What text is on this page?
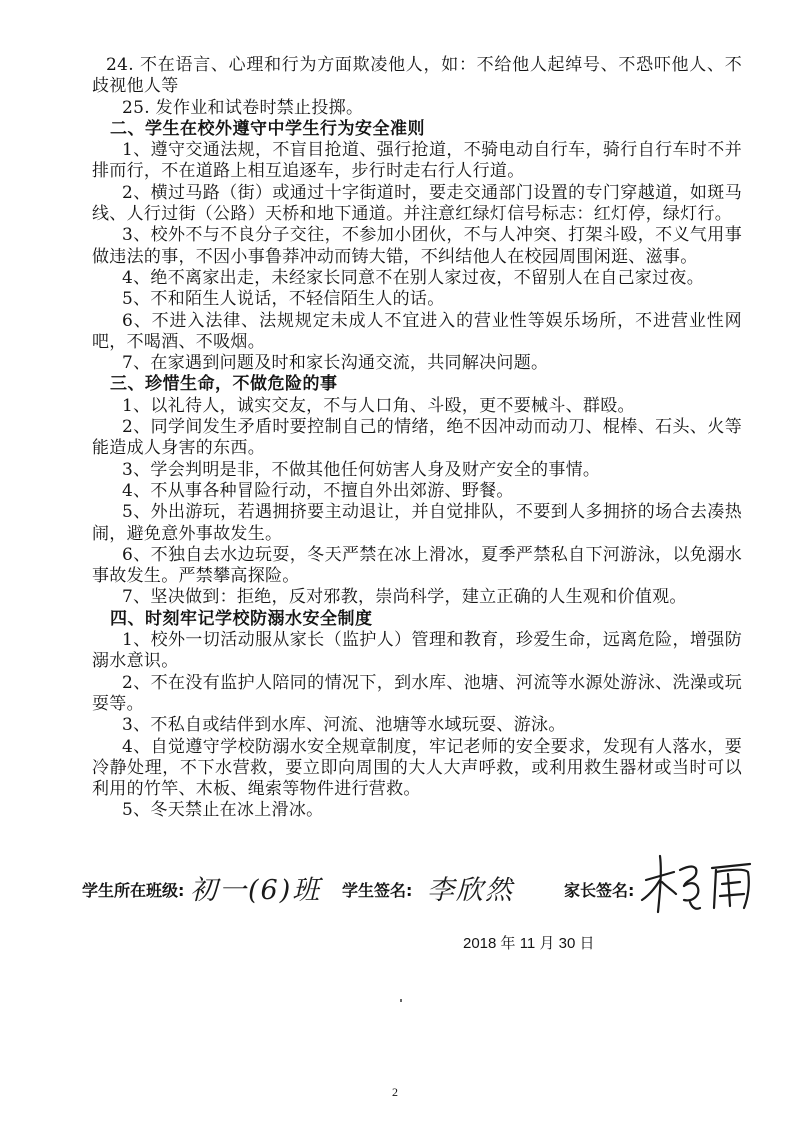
24. 不在语言、心理和行为方面欺凌他人，如：不给他人起绰号、不恐吓他人、不歧视他人等

25. 发作业和试卷时禁止投掷。

二、学生在校外遵守中学生行为安全准则

1、遵守交通法规，不盲目抢道、强行抢道，不骑电动自行车，骑行自行车时不并排而行，不在道路上相互追逐车，步行时走右行人行道。

2、横过马路（街）或通过十字街道时，要走交通部门设置的专门穿越道，如斑马线、人行过街（公路）天桥和地下通道。并注意红绿灯信号标志：红灯停，绿灯行。

3、校外不与不良分子交往，不参加小团伙，不与人冲突、打架斗殴，不义气用事做违法的事，不因小事鲁莽冲动而铸大错，不纠结他人在校园周围闲逛、滋事。

4、绝不离家出走，未经家长同意不在别人家过夜，不留别人在自己家过夜。

5、不和陌生人说话，不轻信陌生人的话。

6、不进入法律、法规规定未成人不宜进入的营业性等娱乐场所，不进营业性网吧，不喝酒、不吸烟。

7、在家遇到问题及时和家长沟通交流，共同解决问题。

三、珍惜生命，不做危险的事

1、以礼待人，诚实交友，不与人口角、斗殴，更不要械斗、群殴。

2、同学间发生矛盾时要控制自己的情绪，绝不因冲动而动刀、棍棒、石头、火等能造成人身害的东西。

3、学会判明是非，不做其他任何妨害人身及财产安全的事情。

4、不从事各种冒险行动，不擅自外出郊游、野餐。

5、外出游玩，若遇拥挤要主动退让，并自觉排队，不要到人多拥挤的场合去凑热闹，避免意外事故发生。

6、不独自去水边玩耍，冬天严禁在冰上滑冰，夏季严禁私自下河游泳，以免溺水事故发生。严禁攀高探险。

7、坚决做到：拒绝，反对邪教，崇尚科学，建立正确的人生观和价值观。

四、时刻牢记学校防溺水安全制度

1、校外一切活动服从家长（监护人）管理和教育，珍爱生命，远离危险，增强防溺水意识。

2、不在没有监护人陪同的情况下，到水库、池塘、河流等水源处游泳、洗澡或玩耍等。

3、不私自或结伴到水库、河流、池塘等水域玩耍、游泳。

4、自觉遵守学校防溺水安全规章制度，牢记老师的安全要求，发现有人落水，要冷静处理，不下水营救，要立即向周围的大人大声呼救，或利用救生器材或当时可以利用的竹竿、木板、绳索等物件进行营救。

5、冬天禁止在冰上滑冰。

学生所在班级: 初一(6)班 学生签名: 李欣然	家长签名:
2018 年 11 月 30 日
2
